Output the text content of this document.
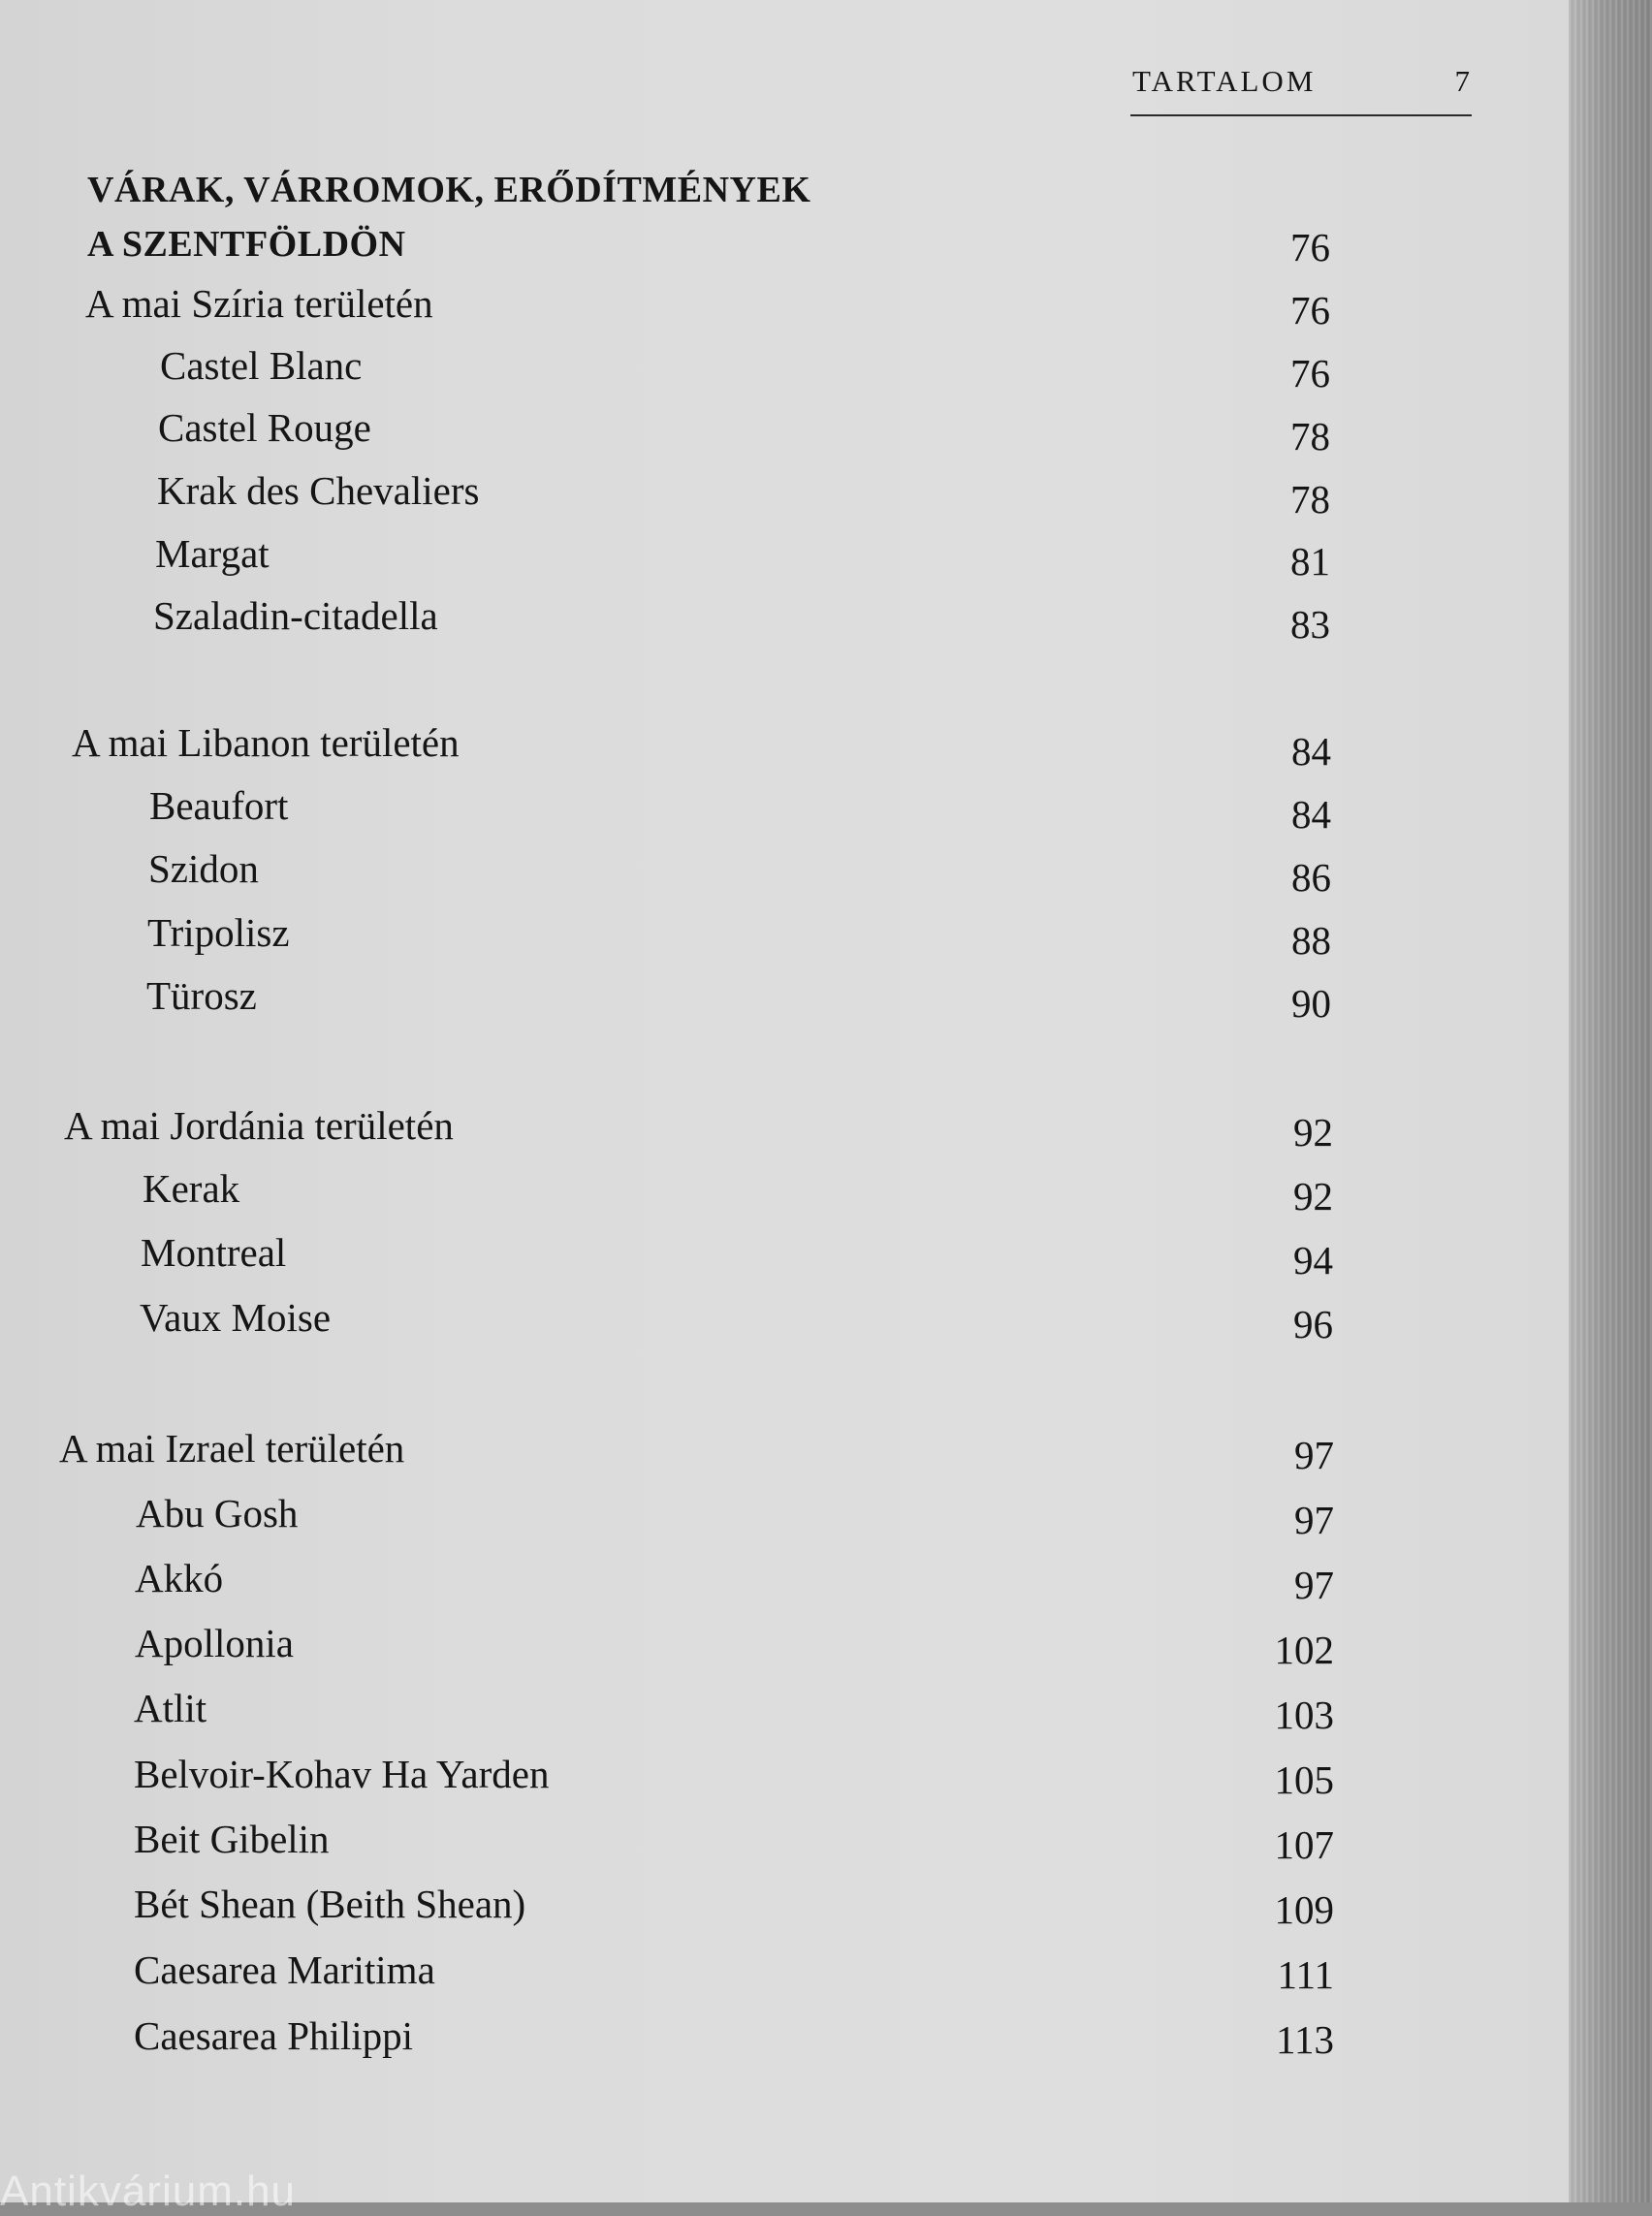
TARTALOM	7
VÁRAK, VÁRROMOK, ERŐDÍTMÉNYEK
A SZENTFÖLDÖN	76
A mai Szíria területén	76
Castel Blanc	76
Castel Rouge	78
Krak des Chevaliers	78
Margat	81
Szaladin-citadella	83
A mai Libanon területén	84
Beaufort	84
Szidon	86
Tripolisz	88
Türosz	90
A mai Jordánia területén	92
Kerak	92
Montreal	94
Vaux Moise	96
A mai Izrael területén	97
Abu Gosh	97
Akkó	97
Apollonia	102
Atlit	103
Belvoir-Kohav Ha Yarden	105
Beit Gibelin	107
Bét Shean (Beith Shean)	109
Caesarea Maritima	111
Caesarea Philippi	113
Antikvárium.hu
